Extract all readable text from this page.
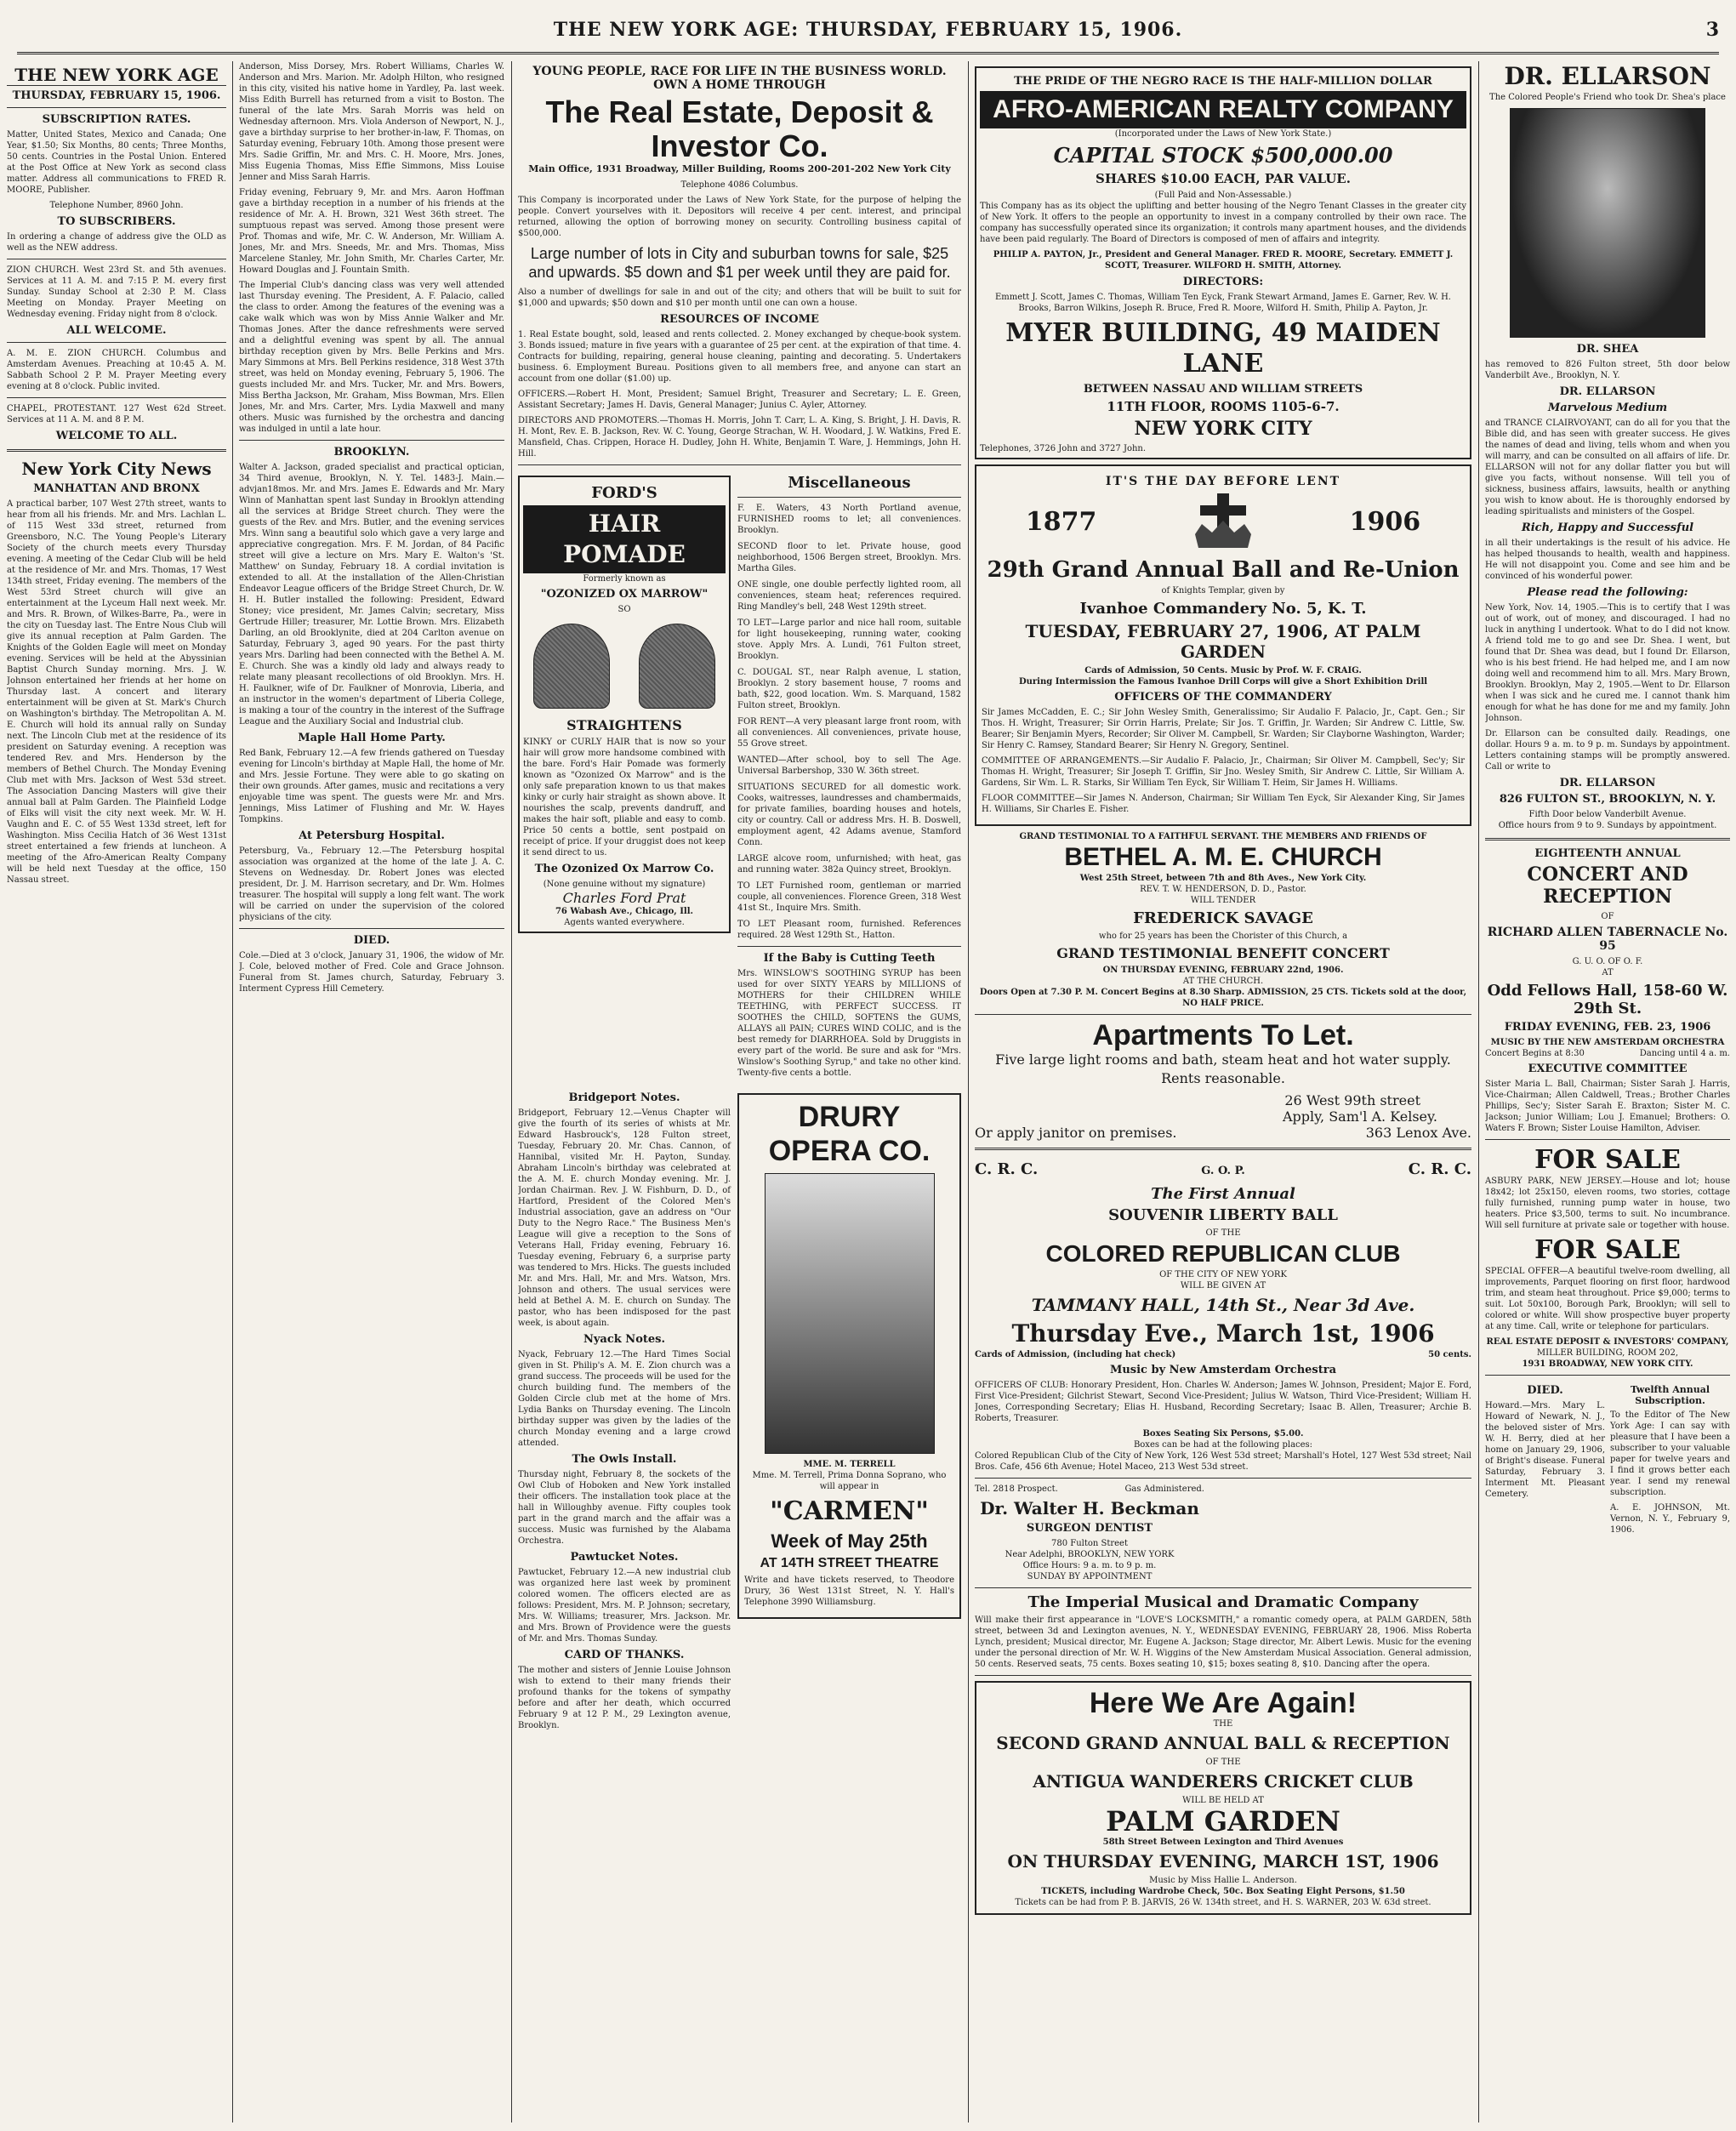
THE NEW YORK AGE: THURSDAY, FEBRUARY 15, 1906.	3
THE NEW YORK AGE
THURSDAY, FEBRUARY 15, 1906.
SUBSCRIPTION RATES.

Matter, United States, Mexico and Canada; One Year, $1.50; Six Months, 80 cents; Three Months, 50 cents. Countries in the Postal Union. Entered at the Post Office at New York as second class matter. Address all communications to FRED R. MOORE, Publisher.

Telephone Number, 8960 John.

TO SUBSCRIBERS.

In ordering a change of address give the OLD as well as the NEW address.

ZION CHURCH. West 23rd St. and 5th avenues. Services at 11 A. M. and 7:15 P. M. every first Sunday. Sunday School at 2:30 P. M. Class Meeting on Monday. Prayer Meeting on Wednesday evening. Friday night from 8 o'clock.

ALL WELCOME.

A. M. E. ZION CHURCH. Columbus and Amsterdam Avenues. Preaching at 10:45 A. M. Sabbath School 2 P. M. Prayer Meeting every evening at 8 o'clock. Public invited.

CHAPEL, PROTESTANT. 127 West 62d Street. Services at 11 A. M. and 8 P. M.

WELCOME TO ALL.
New York City News
MANHATTAN AND BRONX

A practical barber, 107 West 27th street, wants to hear from all his friends. Mr. and Mrs. Lachlan L. of 115 West 33d street, returned from Greensboro, N.C. The Young People's Literary Society of the church meets every Thursday evening. A meeting of the Cedar Club will be held at the residence of Mr. and Mrs. Thomas, 17 West 134th street, Friday evening. The members of the West 53rd Street church will give an entertainment at the Lyceum Hall next week. Mr. and Mrs. R. Brown, of Wilkes-Barre, Pa., were in the city on Tuesday last. The Entre Nous Club will give its annual reception at Palm Garden. The Knights of the Golden Eagle will meet on Monday evening. Services will be held at the Abyssinian Baptist Church Sunday morning. Mrs. J. W. Johnson entertained her friends at her home on Thursday last. A concert and literary entertainment will be given at St. Mark's Church on Washington's birthday. The Metropolitan A. M. E. Church will hold its annual rally on Sunday next. The Lincoln Club met at the residence of its president on Saturday evening. A reception was tendered Rev. and Mrs. Henderson by the members of Bethel Church. The Monday Evening Club met with Mrs. Jackson of West 53d street. The Association Dancing Masters will give their annual ball at Palm Garden. The Plainfield Lodge of Elks will visit the city next week. Mr. W. H. Vaughn and E. C. of 55 West 133d street, left for Washington. Miss Cecilia Hatch of 36 West 131st street entertained a few friends at luncheon. A meeting of the Afro-American Realty Company will be held next Tuesday at the office, 150 Nassau street.

Anderson, Miss Dorsey, Mrs. Robert Williams, Charles W. Anderson and Mrs. Marion. Mr. Adolph Hilton, who resigned in this city, visited his native home in Yardley, Pa. last week. Miss Edith Burrell has returned from a visit to Boston. The funeral of the late Mrs. Sarah Morris was held on Wednesday afternoon. Mrs. Viola Anderson of Newport, N. J., gave a birthday surprise to her brother-in-law, F. Thomas, on Saturday evening, February 10th. Among those present were Mrs. Sadie Griffin, Mr. and Mrs. C. H. Moore, Mrs. Jones, Miss Eugenia Thomas, Miss Effie Simmons, Miss Louise Jenner and Miss Sarah Harris.

Friday evening, February 9, Mr. and Mrs. Aaron Hoffman gave a birthday reception in a number of his friends at the residence of Mr. A. H. Brown, 321 West 36th street. The sumptuous repast was served. Among those present were Prof. Thomas and wife, Mr. C. W. Anderson, Mr. William A. Jones, Mr. and Mrs. Sneeds, Mr. and Mrs. Thomas, Miss Marcelene Stanley, Mr. John Smith, Mr. Charles Carter, Mr. Howard Douglas and J. Fountain Smith.

The Imperial Club's dancing class was very well attended last Thursday evening. The President, A. F. Palacio, called the class to order. Among the features of the evening was a cake walk which was won by Miss Annie Walker and Mr. Thomas Jones. After the dance refreshments were served and a delightful evening was spent by all. The annual birthday reception given by Mrs. Belle Perkins and Mrs. Mary Simmons at Mrs. Bell Perkins residence, 318 West 37th street, was held on Monday evening, February 5, 1906. The guests included Mr. and Mrs. Tucker, Mr. and Mrs. Bowers, Miss Bertha Jackson, Mr. Graham, Miss Bowman, Mrs. Ellen Jones, Mr. and Mrs. Carter, Mrs. Lydia Maxwell and many others. Music was furnished by the orchestra and dancing was indulged in until a late hour.

BROOKLYN.

Walter A. Jackson, graded specialist and practical optician, 34 Third avenue, Brooklyn, N. Y. Tel. 1483-J. Main.—advjan18mos. Mr. and Mrs. James E. Edwards and Mr. Mary Winn of Manhattan spent last Sunday in Brooklyn attending all the services at Bridge Street church. They were the guests of the Rev. and Mrs. Butler, and the evening services Mrs. Winn sang a beautiful solo which gave a very large and appreciative congregation. Mrs. F. M. Jordan, of 84 Pacific street will give a lecture on Mrs. Mary E. Walton's 'St. Matthew' on Sunday, February 18. A cordial invitation is extended to all. At the installation of the Allen-Christian Endeavor League officers of the Bridge Street Church, Dr. W. H. H. Butler installed the following: President, Edward Stoney; vice president, Mr. James Calvin; secretary, Miss Gertrude Hiller; treasurer, Mr. Lottie Brown. Mrs. Elizabeth Darling, an old Brooklynite, died at 204 Carlton avenue on Saturday, February 3, aged 90 years. For the past thirty years Mrs. Darling had been connected with the Bethel A. M. E. Church. She was a kindly old lady and always ready to relate many pleasant recollections of old Brooklyn. Mrs. H. H. Faulkner, wife of Dr. Faulkner of Monrovia, Liberia, and an instructor in the women's department of Liberia College, is making a tour of the country in the interest of the Suffrage League and the Auxiliary Social and Industrial club.

Maple Hall Home Party.

Red Bank, February 12.—A few friends gathered on Tuesday evening for Lincoln's birthday at Maple Hall, the home of Mr. and Mrs. Jessie Fortune. They were able to go skating on their own grounds. After games, music and recitations a very enjoyable time was spent. The guests were Mr. and Mrs. Jennings, Miss Latimer of Flushing and Mr. W. Hayes Tompkins.

At Petersburg Hospital.

Petersburg, Va., February 12.—The Petersburg hospital association was organized at the home of the late J. A. C. Stevens on Wednesday. Dr. Robert Jones was elected president, Dr. J. M. Harrison secretary, and Dr. Wm. Holmes treasurer. The hospital will supply a long felt want. The work will be carried on under the supervision of the colored physicians of the city.

DIED.

Cole.—Died at 3 o'clock, January 31, 1906, the widow of Mr. J. Cole, beloved mother of Fred. Cole and Grace Johnson. Funeral from St. James church, Saturday, February 3. Interment Cypress Hill Cemetery.

YOUNG PEOPLE, RACE FOR LIFE IN THE BUSINESS WORLD. OWN A HOME THROUGH
The Real Estate, Deposit & Investor Co.

Main Office, 1931 Broadway, Miller Building, Rooms 200-201-202 New York City

Telephone 4086 Columbus.

This Company is incorporated under the Laws of New York State, for the purpose of helping the people. Convert yourselves with it. Depositors will receive 4 per cent. interest, and principal returned, allowing the option of borrowing money on security. Controlling business capital of $500,000.

Large number of lots in City and suburban towns for sale, $25 and upwards. $5 down and $1 per week until they are paid for.

Also a number of dwellings for sale in and out of the city; and others that will be built to suit for $1,000 and upwards; $50 down and $10 per month until one can own a house.

RESOURCES OF INCOME

1. Real Estate bought, sold, leased and rents collected. 2. Money exchanged by cheque-book system. 3. Bonds issued; mature in five years with a guarantee of 25 per cent. at the expiration of that time. 4. Contracts for building, repairing, general house cleaning, painting and decorating. 5. Undertakers business. 6. Employment Bureau. Positions given to all members free, and anyone can start an account from one dollar ($1.00) up.

OFFICERS.—Robert H. Mont, President; Samuel Bright, Treasurer and Secretary; L. E. Green, Assistant Secretary; James H. Davis, General Manager; Junius C. Ayler, Attorney.

DIRECTORS AND PROMOTERS.—Thomas H. Morris, John T. Carr, L. A. King, S. Bright, J. H. Davis, R. H. Mont, Rev. E. B. Jackson, Rev. W. C. Young, George Strachan, W. H. Woodard, J. W. Watkins, Fred E. Mansfield, Chas. Crippen, Horace H. Dudley, John H. White, Benjamin T. Ware, J. Hemmings, John H. Hill.

FORD'S
HAIR POMADE
Formerly known as
"OZONIZED OX MARROW"
SO
STRAIGHTENS

KINKY or CURLY HAIR that is now so your hair will grow more handsome combined with the bare. Ford's Hair Pomade was formerly known as "Ozonized Ox Marrow" and is the only safe preparation known to us that makes kinky or curly hair straight as shown above. It nourishes the scalp, prevents dandruff, and makes the hair soft, pliable and easy to comb. Price 50 cents a bottle, sent postpaid on receipt of price. If your druggist does not keep it send direct to us.

The Ozonized Ox Marrow Co.
(None genuine without my signature)
Charles Ford Prat
76 Wabash Ave., Chicago, Ill.
Agents wanted everywhere.
Miscellaneous

F. E. Waters, 43 North Portland avenue, FURNISHED rooms to let; all conveniences. Brooklyn.

SECOND floor to let. Private house, good neighborhood, 1506 Bergen street, Brooklyn. Mrs. Martha Giles.

ONE single, one double perfectly lighted room, all conveniences, steam heat; references required. Ring Mandley's bell, 248 West 129th street.

TO LET—Large parlor and nice hall room, suitable for light housekeeping, running water, cooking stove. Apply Mrs. A. Lundi, 761 Fulton street, Brooklyn.

C. DOUGAL ST., near Ralph avenue, L station, Brooklyn. 2 story basement house, 7 rooms and bath, $22, good location. Wm. S. Marquand, 1582 Fulton street, Brooklyn.

FOR RENT—A very pleasant large front room, with all conveniences. All conveniences, private house, 55 Grove street.

WANTED—After school, boy to sell The Age. Universal Barbershop, 330 W. 36th street.

SITUATIONS SECURED for all domestic work. Cooks, waitresses, laundresses and chambermaids, for private families, boarding houses and hotels, city or country. Call or address Mrs. H. B. Doswell, employment agent, 42 Adams avenue, Stamford Conn.

LARGE alcove room, unfurnished; with heat, gas and running water. 382a Quincy street, Brooklyn.

TO LET Furnished room, gentleman or married couple, all conveniences. Florence Green, 318 West 41st St., Inquire Mrs. Smith.

TO LET Pleasant room, furnished. References required. 28 West 129th St., Hatton.

If the Baby is Cutting Teeth

Mrs. WINSLOW'S SOOTHING SYRUP has been used for over SIXTY YEARS by MILLIONS of MOTHERS for their CHILDREN WHILE TEETHING, with PERFECT SUCCESS. IT SOOTHES the CHILD, SOFTENS the GUMS, ALLAYS all PAIN; CURES WIND COLIC, and is the best remedy for DIARRHOEA. Sold by Druggists in every part of the world. Be sure and ask for "Mrs. Winslow's Soothing Syrup," and take no other kind. Twenty-five cents a bottle.

Bridgeport Notes.

Bridgeport, February 12.—Venus Chapter will give the fourth of its series of whists at Mr. Edward Hasbrouck's, 128 Fulton street, Tuesday, February 20. Mr. Chas. Cannon, of Hannibal, visited Mr. H. Payton, Sunday. Abraham Lincoln's birthday was celebrated at the A. M. E. church Monday evening. Mr. J. Jordan Chairman. Rev. J. W. Fishburn, D. D., of Hartford, President of the Colored Men's Industrial association, gave an address on "Our Duty to the Negro Race." The Business Men's League will give a reception to the Sons of Veterans Hall, Friday evening, February 16. Tuesday evening, February 6, a surprise party was tendered to Mrs. Hicks. The guests included Mr. and Mrs. Hall, Mr. and Mrs. Watson, Mrs. Johnson and others. The usual services were held at Bethel A. M. E. church on Sunday. The pastor, who has been indisposed for the past week, is about again.

Nyack Notes.

Nyack, February 12.—The Hard Times Social given in St. Philip's A. M. E. Zion church was a grand success. The proceeds will be used for the church building fund. The members of the Golden Circle club met at the home of Mrs. Lydia Banks on Thursday evening. The Lincoln birthday supper was given by the ladies of the church Monday evening and a large crowd attended.

The Owls Install.

Thursday night, February 8, the sockets of the Owl Club of Hoboken and New York installed their officers. The installation took place at the hall in Willoughby avenue. Fifty couples took part in the grand march and the affair was a success. Music was furnished by the Alabama Orchestra.

Pawtucket Notes.

Pawtucket, February 12.—A new industrial club was organized here last week by prominent colored women. The officers elected are as follows: President, Mrs. M. P. Johnson; secretary, Mrs. W. Williams; treasurer, Mrs. Jackson. Mr. and Mrs. Brown of Providence were the guests of Mr. and Mrs. Thomas Sunday.

CARD OF THANKS.

The mother and sisters of Jennie Louise Johnson wish to extend to their many friends their profound thanks for the tokens of sympathy before and after her death, which occurred February 9 at 12 P. M., 29 Lexington avenue, Brooklyn.

DRURY OPERA CO.
MME. M. TERRELL

Mme. M. Terrell, Prima Donna Soprano, who will appear in

"CARMEN"
Week of May 25th
AT 14TH STREET THEATRE

Write and have tickets reserved, to Theodore Drury, 36 West 131st Street, N. Y. Hall's Telephone 3990 Williamsburg.

THE PRIDE OF THE NEGRO RACE IS THE HALF-MILLION DOLLAR
AFRO-AMERICAN REALTY COMPANY
(Incorporated under the Laws of New York State.)
CAPITAL STOCK $500,000.00
SHARES $10.00 EACH, PAR VALUE.
(Full Paid and Non-Assessable.)

This Company has as its object the uplifting and better housing of the Negro Tenant Classes in the greater city of New York. It offers to the people an opportunity to invest in a company controlled by their own race. The company has successfully operated since its organization; it controls many apartment houses, and the dividends have been paid regularly. The Board of Directors is composed of men of affairs and integrity.

PHILIP A. PAYTON, Jr., President and General Manager. FRED R. MOORE, Secretary. EMMETT J. SCOTT, Treasurer. WILFORD H. SMITH, Attorney.

DIRECTORS:

Emmett J. Scott, James C. Thomas, William Ten Eyck, Frank Stewart Armand, James E. Garner, Rev. W. H. Brooks, Barron Wilkins, Joseph R. Bruce, Fred R. Moore, Wilford H. Smith, Philip A. Payton, Jr.

MYER BUILDING, 49 MAIDEN LANE
BETWEEN NASSAU AND WILLIAM STREETS
11TH FLOOR, ROOMS 1105-6-7.
NEW YORK CITY
Telephones, 3726 John and 3727 John.
IT'S THE DAY BEFORE LENT
1877	1906
29th Grand Annual Ball and Re-Union
of Knights Templar, given by
Ivanhoe Commandery No. 5, K. T.
TUESDAY, FEBRUARY 27, 1906, AT PALM GARDEN
Cards of Admission, 50 Cents. Music by Prof. W. F. CRAIG.
During Intermission the Famous Ivanhoe Drill Corps will give a Short Exhibition Drill
OFFICERS OF THE COMMANDERY

Sir James McCadden, E. C.; Sir John Wesley Smith, Generalissimo; Sir Audalio F. Palacio, Jr., Capt. Gen.; Sir Thos. H. Wright, Treasurer; Sir Orrin Harris, Prelate; Sir Jos. T. Griffin, Jr. Warden; Sir Andrew C. Little, Sw. Bearer; Sir Benjamin Myers, Recorder; Sir Oliver M. Campbell, Sr. Warden; Sir Clayborne Washington, Warder; Sir Henry C. Ramsey, Standard Bearer; Sir Henry N. Gregory, Sentinel.

COMMITTEE OF ARRANGEMENTS.—Sir Audalio F. Palacio, Jr., Chairman; Sir Oliver M. Campbell, Sec'y; Sir Thomas H. Wright, Treasurer; Sir Joseph T. Griffin, Sir Jno. Wesley Smith, Sir Andrew C. Little, Sir William A. Gardens, Sir Wm. L. R. Starks, Sir William Ten Eyck, Sir William T. Heim, Sir James H. Williams.

FLOOR COMMITTEE—Sir James N. Anderson, Chairman; Sir William Ten Eyck, Sir Alexander King, Sir James H. Williams, Sir Charles E. Fisher.

GRAND TESTIMONIAL TO A FAITHFUL SERVANT. THE MEMBERS AND FRIENDS OF
BETHEL A. M. E. CHURCH
West 25th Street, between 7th and 8th Aves., New York City.
REV. T. W. HENDERSON, D. D., Pastor.
WILL TENDER
FREDERICK SAVAGE
who for 25 years has been the Chorister of this Church, a
GRAND TESTIMONIAL BENEFIT CONCERT
ON THURSDAY EVENING, FEBRUARY 22nd, 1906.
AT THE CHURCH.
Doors Open at 7.30 P. M. Concert Begins at 8.30 Sharp. ADMISSION, 25 CTS. Tickets sold at the door, NO HALF PRICE.
Apartments To Let.

Five large light rooms and bath, steam heat and hot water supply. Rents reasonable.

26 West 99th street
Apply, Sam'l A. Kelsey.
Or apply janitor on premises.	363 Lenox Ave.
C. R. C.	G. O. P.	C. R. C.
The First Annual
SOUVENIR LIBERTY BALL
OF THE
COLORED REPUBLICAN CLUB
OF THE CITY OF NEW YORK
WILL BE GIVEN AT
TAMMANY HALL, 14th St., Near 3d Ave.
Thursday Eve., March 1st, 1906
Cards of Admission, (including hat check)	50 cents.
Music by New Amsterdam Orchestra

OFFICERS OF CLUB: Honorary President, Hon. Charles W. Anderson; James W. Johnson, President; Major E. Ford, First Vice-President; Gilchrist Stewart, Second Vice-President; Julius W. Watson, Third Vice-President; William H. Jones, Corresponding Secretary; Elias H. Husband, Recording Secretary; Isaac B. Allen, Treasurer; Archie B. Roberts, Treasurer.

Boxes Seating Six Persons, $5.00.
Boxes can be had at the following places:

Colored Republican Club of the City of New York, 126 West 53d street; Marshall's Hotel, 127 West 53d street; Nail Bros. Cafe, 456 6th Avenue; Hotel Maceo, 213 West 53d street.

Tel. 2818 Prospect.	Gas Administered.
Dr. Walter H. Beckman
SURGEON DENTIST
780 Fulton Street
Near Adelphi, BROOKLYN, NEW YORK
Office Hours: 9 a. m. to 9 p. m.
SUNDAY BY APPOINTMENT
The Imperial Musical and Dramatic Company

Will make their first appearance in "LOVE'S LOCKSMITH," a romantic comedy opera, at PALM GARDEN, 58th street, between 3d and Lexington avenues, N. Y., WEDNESDAY EVENING, FEBRUARY 28, 1906. Miss Roberta Lynch, president; Musical director, Mr. Eugene A. Jackson; Stage director, Mr. Albert Lewis. Music for the evening under the personal direction of Mr. W. H. Wiggins of the New Amsterdam Musical Association. General admission, 50 cents. Reserved seats, 75 cents. Boxes seating 10, $15; boxes seating 8, $10. Dancing after the opera.

Here We Are Again!
THE
SECOND GRAND ANNUAL BALL & RECEPTION
OF THE
ANTIGUA WANDERERS CRICKET CLUB
WILL BE HELD AT
PALM GARDEN
58th Street Between Lexington and Third Avenues
ON THURSDAY EVENING, MARCH 1ST, 1906
Music by Miss Hallie L. Anderson.
TICKETS, including Wardrobe Check, 50c. Box Seating Eight Persons, $1.50
Tickets can be had from P. B. JARVIS, 26 W. 134th street, and H. S. WARNER, 203 W. 63d street.
DR. ELLARSON
The Colored People's Friend who took Dr. Shea's place
DR. SHEA

has removed to 826 Fulton street, 5th door below Vanderbilt Ave., Brooklyn, N. Y.

DR. ELLARSON
Marvelous Medium

and TRANCE CLAIRVOYANT, can do all for you that the Bible did, and has seen with greater success. He gives the names of dead and living, tells whom and when you will marry, and can be consulted on all affairs of life. Dr. ELLARSON will not for any dollar flatter you but will give you facts, without nonsense. Will tell you of sickness, business affairs, lawsuits, health or anything you wish to know about. He is thoroughly endorsed by leading spiritualists and ministers of the Gospel.

Rich, Happy and Successful

in all their undertakings is the result of his advice. He has helped thousands to health, wealth and happiness. He will not disappoint you. Come and see him and be convinced of his wonderful power.

Please read the following:

New York, Nov. 14, 1905.—This is to certify that I was out of work, out of money, and discouraged. I had no luck in anything I undertook. What to do I did not know. A friend told me to go and see Dr. Shea. I went, but found that Dr. Shea was dead, but I found Dr. Ellarson, who is his best friend. He had helped me, and I am now doing well and recommend him to all. Mrs. Mary Brown, Brooklyn. Brooklyn, May 2, 1905.—Went to Dr. Ellarson when I was sick and he cured me. I cannot thank him enough for what he has done for me and my family. John Johnson.

Dr. Ellarson can be consulted daily. Readings, one dollar. Hours 9 a. m. to 9 p. m. Sundays by appointment. Letters containing stamps will be promptly answered. Call or write to

DR. ELLARSON
826 FULTON ST., BROOKLYN, N. Y.
Fifth Door below Vanderbilt Avenue.
Office hours from 9 to 9. Sundays by appointment.
EIGHTEENTH ANNUAL
CONCERT AND RECEPTION
OF
RICHARD ALLEN TABERNACLE No. 95
G. U. O. OF O. F.
AT
Odd Fellows Hall, 158-60 W. 29th St.
FRIDAY EVENING, FEB. 23, 1906
MUSIC BY THE NEW AMSTERDAM ORCHESTRA
Concert Begins at 8:30	Dancing until 4 a. m.
EXECUTIVE COMMITTEE

Sister Maria L. Ball, Chairman; Sister Sarah J. Harris, Vice-Chairman; Allen Caldwell, Treas.; Brother Charles Phillips, Sec'y; Sister Sarah E. Braxton; Sister M. C. Jackson; Junior William; Lou J. Emanuel; Brothers: O. Waters F. Brown; Sister Louise Hamilton, Adviser.

FOR SALE

ASBURY PARK, NEW JERSEY.—House and lot; house 18x42; lot 25x150, eleven rooms, two stories, cottage fully furnished, running pump water in house, two heaters. Price $3,500, terms to suit. No incumbrance. Will sell furniture at private sale or together with house.

FOR SALE

SPECIAL OFFER—A beautiful twelve-room dwelling, all improvements, Parquet flooring on first floor, hardwood trim, and steam heat throughout. Price $9,000; terms to suit. Lot 50x100, Borough Park, Brooklyn; will sell to colored or white. Will show prospective buyer property at any time. Call, write or telephone for particulars.

REAL ESTATE DEPOSIT & INVESTORS' COMPANY,
MILLER BUILDING, ROOM 202,
1931 BROADWAY, NEW YORK CITY.
DIED.

Howard.—Mrs. Mary L. Howard of Newark, N. J., the beloved sister of Mrs. W. H. Berry, died at her home on January 29, 1906, of Bright's disease. Funeral Saturday, February 3. Interment Mt. Pleasant Cemetery.

Twelfth Annual Subscription.

To the Editor of The New York Age: I can say with pleasure that I have been a subscriber to your valuable paper for twelve years and I find it grows better each year. I send my renewal subscription.

A. E. JOHNSON, Mt. Vernon, N. Y., February 9, 1906.
